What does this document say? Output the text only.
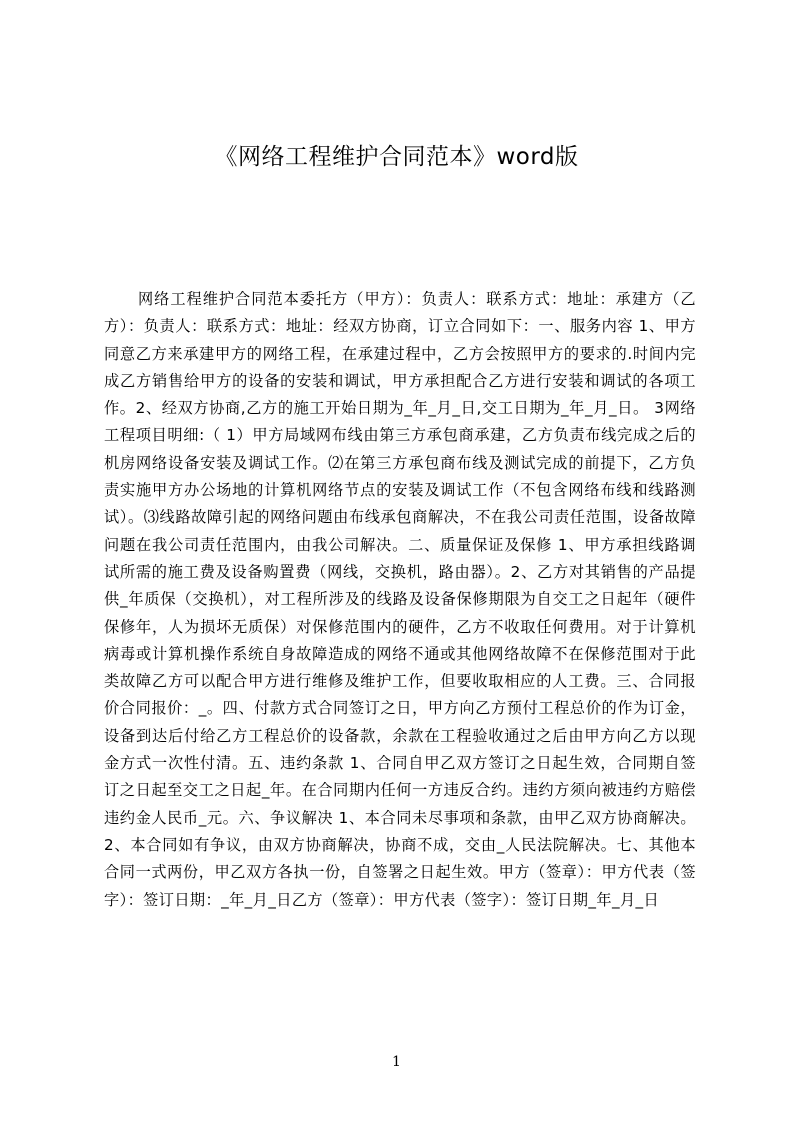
《网络工程维护合同范本》word版

网络工程维护合同范本委托方（甲方）：负责人：联系方式：地址：承建方（乙方）：负责人：联系方式：地址：经双方协商，订立合同如下：一、服务内容 1、甲方同意乙方来承建甲方的网络工程，在承建过程中，乙方会按照甲方的要求的.时间内完成乙方销售给甲方的设备的安装和调试，甲方承担配合乙方进行安装和调试的各项工作。2、经双方协商,乙方的施工开始日期为_年_月_日,交工日期为_年_月_日。 3网络工程项目明细:（ 1）甲方局域网布线由第三方承包商承建，乙方负责布线完成之后的机房网络设备安装及调试工作。⑵在第三方承包商布线及测试完成的前提下，乙方负责实施甲方办公场地的计算机网络节点的安装及调试工作（不包含网络布线和线路测试）。⑶线路故障引起的网络问题由布线承包商解决，不在我公司责任范围，设备故障问题在我公司责任范围内，由我公司解决。二、质量保证及保修 1、甲方承担线路调试所需的施工费及设备购置费（网线，交换机，路由器）。2、乙方对其销售的产品提供_年质保（交换机），对工程所涉及的线路及设备保修期限为自交工之日起年（硬件保修年，人为损坏无质保）对保修范围内的硬件，乙方不收取任何费用。对于计算机病毒或计算机操作系统自身故障造成的网络不通或其他网络故障不在保修范围对于此类故障乙方可以配合甲方进行维修及维护工作，但要收取相应的人工费。三、合同报价合同报价：_。四、付款方式合同签订之日，甲方向乙方预付工程总价的作为订金，设备到达后付给乙方工程总价的设备款，余款在工程验收通过之后由甲方向乙方以现金方式一次性付清。五、违约条款 1、合同自甲乙双方签订之日起生效，合同期自签订之日起至交工之日起_年。在合同期内任何一方违反合约。违约方须向被违约方赔偿违约金人民币_元。六、争议解决 1、本合同未尽事项和条款，由甲乙双方协商解决。2、本合同如有争议，由双方协商解决，协商不成，交由_人民法院解决。七、其他本合同一式两份，甲乙双方各执一份，自签署之日起生效。甲方（签章）：甲方代表（签字）：签订日期：_年_月_日乙方（签章）：甲方代表（签字）：签订日期_年_月_日

1
